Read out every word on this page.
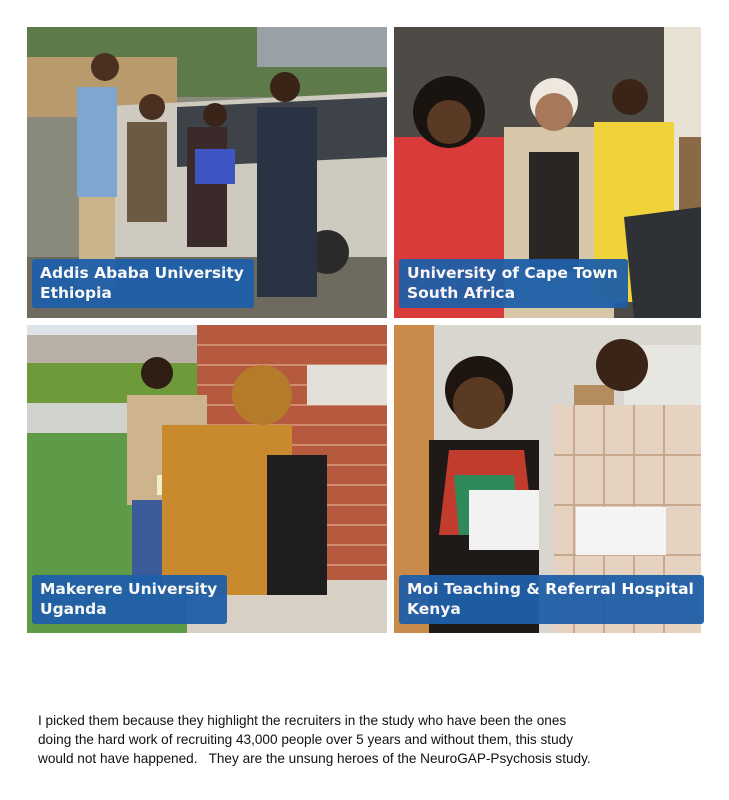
Addis Ababa University
Ethiopia
University of Cape Town
South Africa
Makerere University
Uganda
Moi Teaching & Referral Hospital
Kenya
I picked them because they highlight the recruiters in the study who have been the ones
doing the hard work of recruiting 43,000 people over 5 years and without them, this study
would not have happened.   They are the unsung heroes of the NeuroGAP-Psychosis study.
